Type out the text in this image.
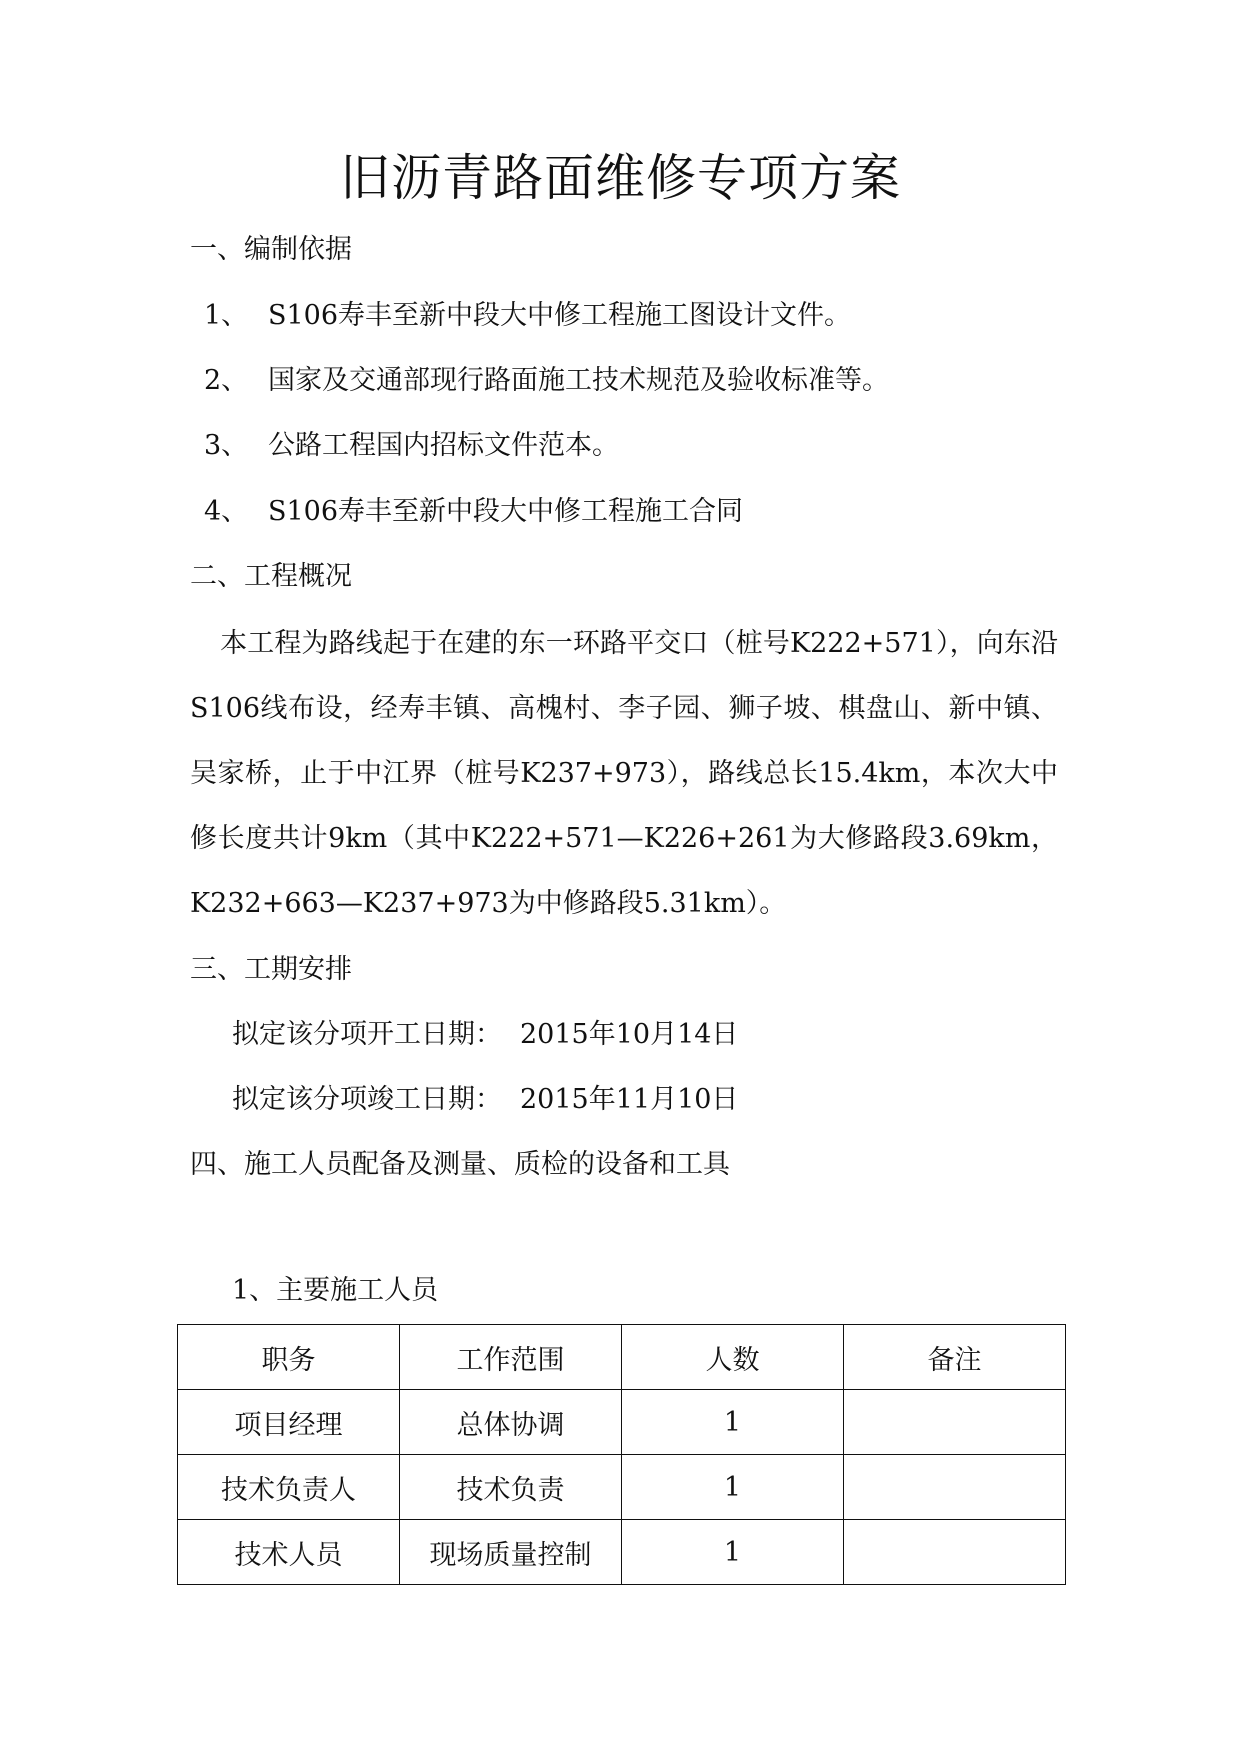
旧沥青路面维修专项方案
一、编制依据
1、 S106寿丰至新中段大中修工程施工图设计文件。
2、 国家及交通部现行路面施工技术规范及验收标准等。
3、 公路工程国内招标文件范本。
4、 S106寿丰至新中段大中修工程施工合同
二、工程概况
本工程为路线起于在建的东一环路平交口（桩号K222+571），向东沿S106线布设，经寿丰镇、高槐村、李子园、狮子坡、棋盘山、新中镇、吴家桥，止于中江界（桩号K237+973），路线总长15.4km，本次大中修长度共计9km（其中K222+571—K226+261为大修路段3.69km，K232+663—K237+973为中修路段5.31km）。
三、工期安排
拟定该分项开工日期： 2015年10月14日
拟定该分项竣工日期： 2015年11月10日
四、施工人员配备及测量、质检的设备和工具
1、主要施工人员
职务	工作范围	人数	备注
项目经理	总体协调	1	
技术负责人	技术负责	1	
技术人员	现场质量控制	1	
